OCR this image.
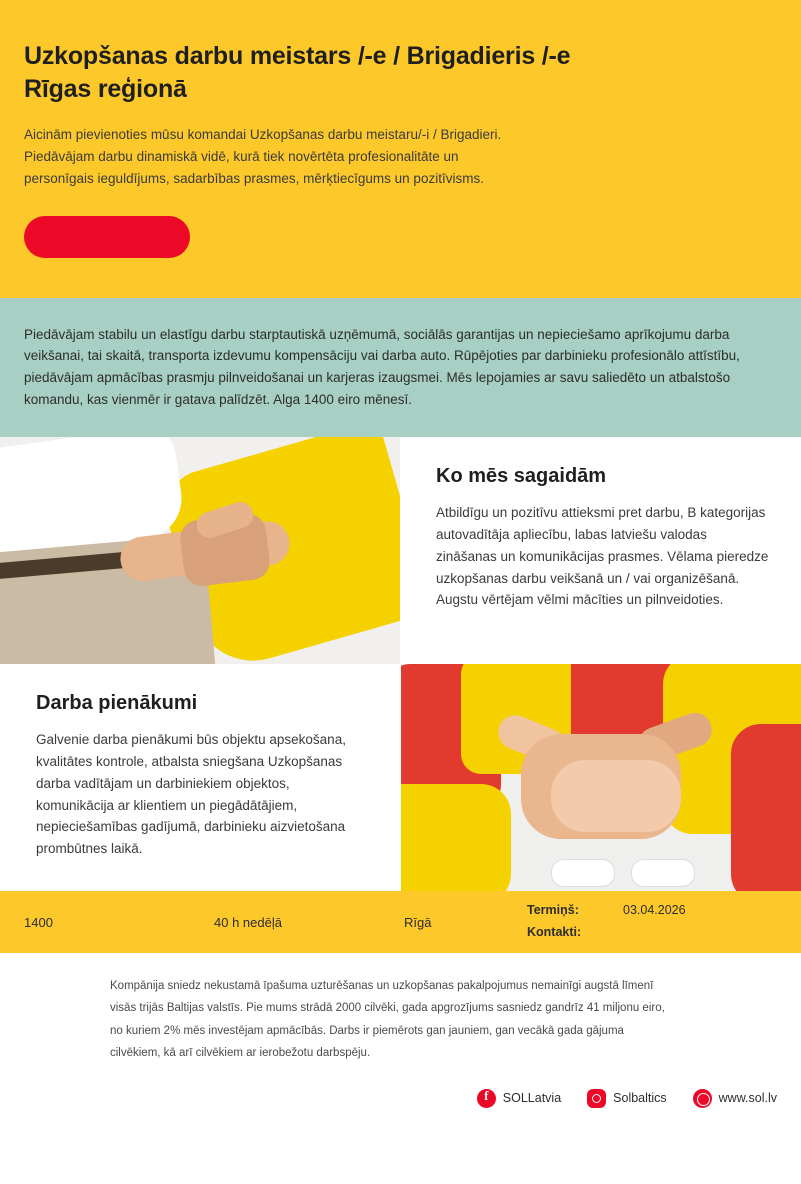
Uzkopšanas darbu meistars /-e / Brigadieris /-e Rīgas reģionā

Aicinām pievienoties mūsu komandai Uzkopšanas darbu meistaru/-i / Brigadieri. Piedāvājam darbu dinamiskā vidē, kurā tiek novērtēta profesionalitāte un personīgais ieguldījums, sadarbības prasmes, mērķtiecīgums un pozitīvisms.

Piedāvājam stabilu un elastīgu darbu starptautiskā uzņēmumā, sociālās garantijas un nepieciešamo aprīkojumu darba veikšanai, tai skaitā, transporta izdevumu kompensāciju vai darba auto. Rūpējoties par darbinieku profesionālo attīstību, piedāvājam apmācības prasmju pilnveidošanai un karjeras izaugsmei. Mēs lepojamies ar savu saliedēto un atbalstošo komandu, kas vienmēr ir gatava palīdzēt. Alga 1400 eiro mēnesī.

Ko mēs sagaidām

Atbildīgu un pozitīvu attieksmi pret darbu, B kategorijas autovadītāja apliecību, labas latviešu valodas zināšanas un komunikācijas prasmes. Vēlama pieredze uzkopšanas darbu veikšanā un / vai organizēšanā. Augstu vērtējam vēlmi mācīties un pilnveidoties.

Darba pienākumi

Galvenie darba pienākumi būs objektu apsekošana, kvalitātes kontrole, atbalsta sniegšana Uzkopšanas darba vadītājam un darbiniekiem objektos, komunikācija ar klientiem un piegādātājiem, nepieciešamības gadījumā, darbinieku aizvietošana prombūtnes laikā.

1400	40 h nedēļā	Rīgā
Termiņš:	03.04.2026
Kontakti:

Kompānija sniedz nekustamā īpašuma uzturēšanas un uzkopšanas pakalpojumus nemainīgi augstā līmenī visās trijās Baltijas valstīs. Pie mums strādā 2000 cilvēki, gada apgrozījums sasniedz gandrīz 41 miljonu eiro, no kuriem 2% mēs investējam apmācībās. Darbs ir piemērots gan jauniem, gan vecākā gada gājuma cilvēkiem, kā arī cilvēkiem ar ierobežotu darbspēju.

f
SOLLatvia	Solbaltics	www.sol.lv
